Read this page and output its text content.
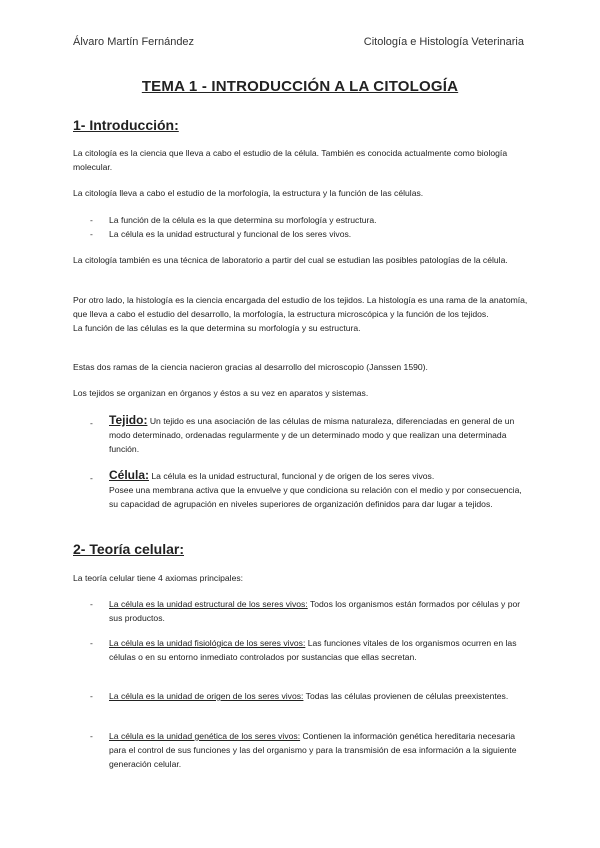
Álvaro Martín Fernández	Citología e Histología Veterinaria
TEMA 1 - INTRODUCCIÓN A LA CITOLOGÍA
1- Introducción:
La citología es la ciencia que lleva a cabo el estudio de la célula. También es conocida actualmente como biología molecular.
La citología lleva a cabo el estudio de la morfología, la estructura y la función de las células.
- La función de la célula es la que determina su morfología y estructura.
- La célula es la unidad estructural y funcional de los seres vivos.
La citología también es una técnica de laboratorio a partir del cual se estudian las posibles patologías de la célula.
Por otro lado, la histología es la ciencia encargada del estudio de los tejidos. La histología es una rama de la anatomía, que lleva a cabo el estudio del desarrollo, la morfología, la estructura microscópica y la función de los tejidos.
La función de las células es la que determina su morfología y su estructura.
Estas dos ramas de la ciencia nacieron gracias al desarrollo del microscopio (Janssen 1590).
Los tejidos se organizan en órganos y éstos a su vez en aparatos y sistemas.
- Tejido: Un tejido es una asociación de las células de misma naturaleza, diferenciadas en general de un modo determinado, ordenadas regularmente y de un determinado modo y que realizan una determinada función.
- Célula: La célula es la unidad estructural, funcional y de origen de los seres vivos.
Posee una membrana activa que la envuelve y que condiciona su relación con el medio y por consecuencia, su capacidad de agrupación en niveles superiores de organización definidos para dar lugar a tejidos.
2- Teoría celular:
La teoría celular tiene 4 axiomas principales:
- La célula es la unidad estructural de los seres vivos: Todos los organismos están formados por células y por sus productos.
- La célula es la unidad fisiológica de los seres vivos: Las funciones vitales de los organismos ocurren en las células o en su entorno inmediato controlados por sustancias que ellas secretan.
- La célula es la unidad de origen de los seres vivos: Todas las células provienen de células preexistentes.
- La célula es la unidad genética de los seres vivos: Contienen la información genética hereditaria necesaria para el control de sus funciones y las del organismo y para la transmisión de esa información a la siguiente generación celular.
